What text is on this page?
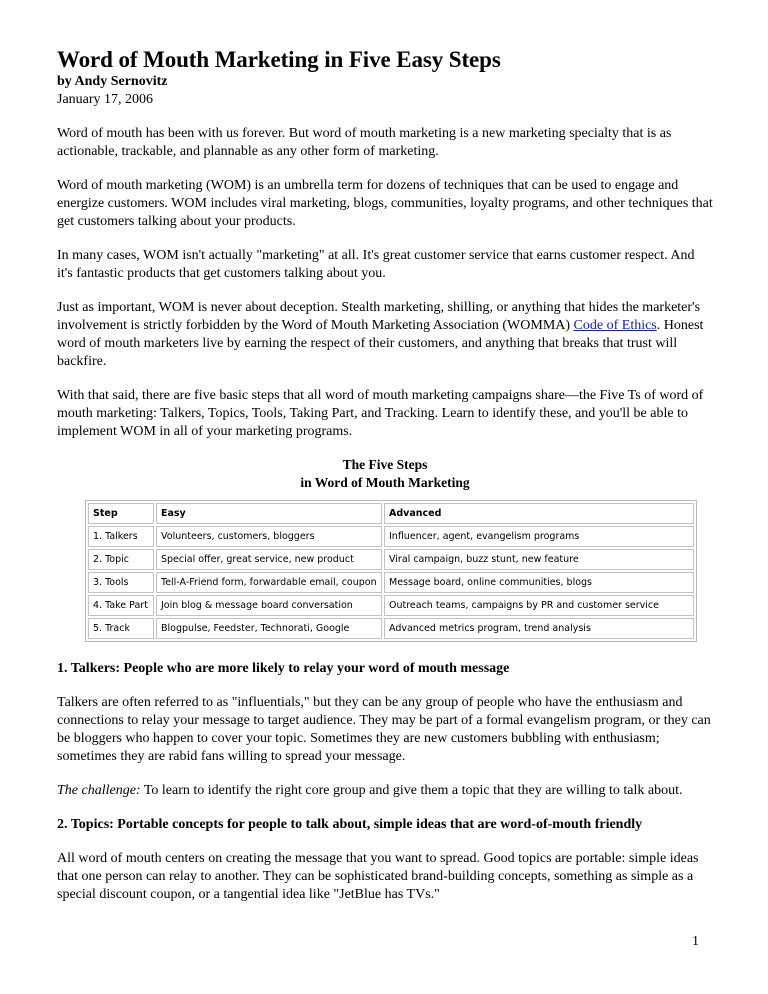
Word of Mouth Marketing in Five Easy Steps
by Andy Sernovitz
January 17, 2006

Word of mouth has been with us forever. But word of mouth marketing is a new marketing specialty that is as actionable, trackable, and plannable as any other form of marketing.

Word of mouth marketing (WOM) is an umbrella term for dozens of techniques that can be used to engage and energize customers. WOM includes viral marketing, blogs, communities, loyalty programs, and other techniques that get customers talking about your products.

In many cases, WOM isn't actually "marketing" at all. It's great customer service that earns customer respect. And it's fantastic products that get customers talking about you.

Just as important, WOM is never about deception. Stealth marketing, shilling, or anything that hides the marketer's involvement is strictly forbidden by the Word of Mouth Marketing Association (WOMMA) Code of Ethics. Honest word of mouth marketers live by earning the respect of their customers, and anything that breaks that trust will backfire.

With that said, there are five basic steps that all word of mouth marketing campaigns share—the Five Ts of word of mouth marketing: Talkers, Topics, Tools, Taking Part, and Tracking. Learn to identify these, and you'll be able to implement WOM in all of your marketing programs.

The Five Steps
in Word of Mouth Marketing
Step	Easy	Advanced
1. Talkers	Volunteers, customers, bloggers	Influencer, agent, evangelism programs
2. Topic	Special offer, great service, new product	Viral campaign, buzz stunt, new feature
3. Tools	Tell-A-Friend form, forwardable email, coupon	Message board, online communities, blogs
4. Take Part	Join blog & message board conversation	Outreach teams, campaigns by PR and customer service
5. Track	Blogpulse, Feedster, Technorati, Google	Advanced metrics program, trend analysis
1. Talkers: People who are more likely to relay your word of mouth message

Talkers are often referred to as "influentials," but they can be any group of people who have the enthusiasm and connections to relay your message to target audience. They may be part of a formal evangelism program, or they can be bloggers who happen to cover your topic. Sometimes they are new customers bubbling with enthusiasm; sometimes they are rabid fans willing to spread your message.

The challenge: To learn to identify the right core group and give them a topic that they are willing to talk about.

2. Topics: Portable concepts for people to talk about, simple ideas that are word-of-mouth friendly

All word of mouth centers on creating the message that you want to spread. Good topics are portable: simple ideas that one person can relay to another. They can be sophisticated brand-building concepts, something as simple as a special discount coupon, or a tangential idea like "JetBlue has TVs."

1
